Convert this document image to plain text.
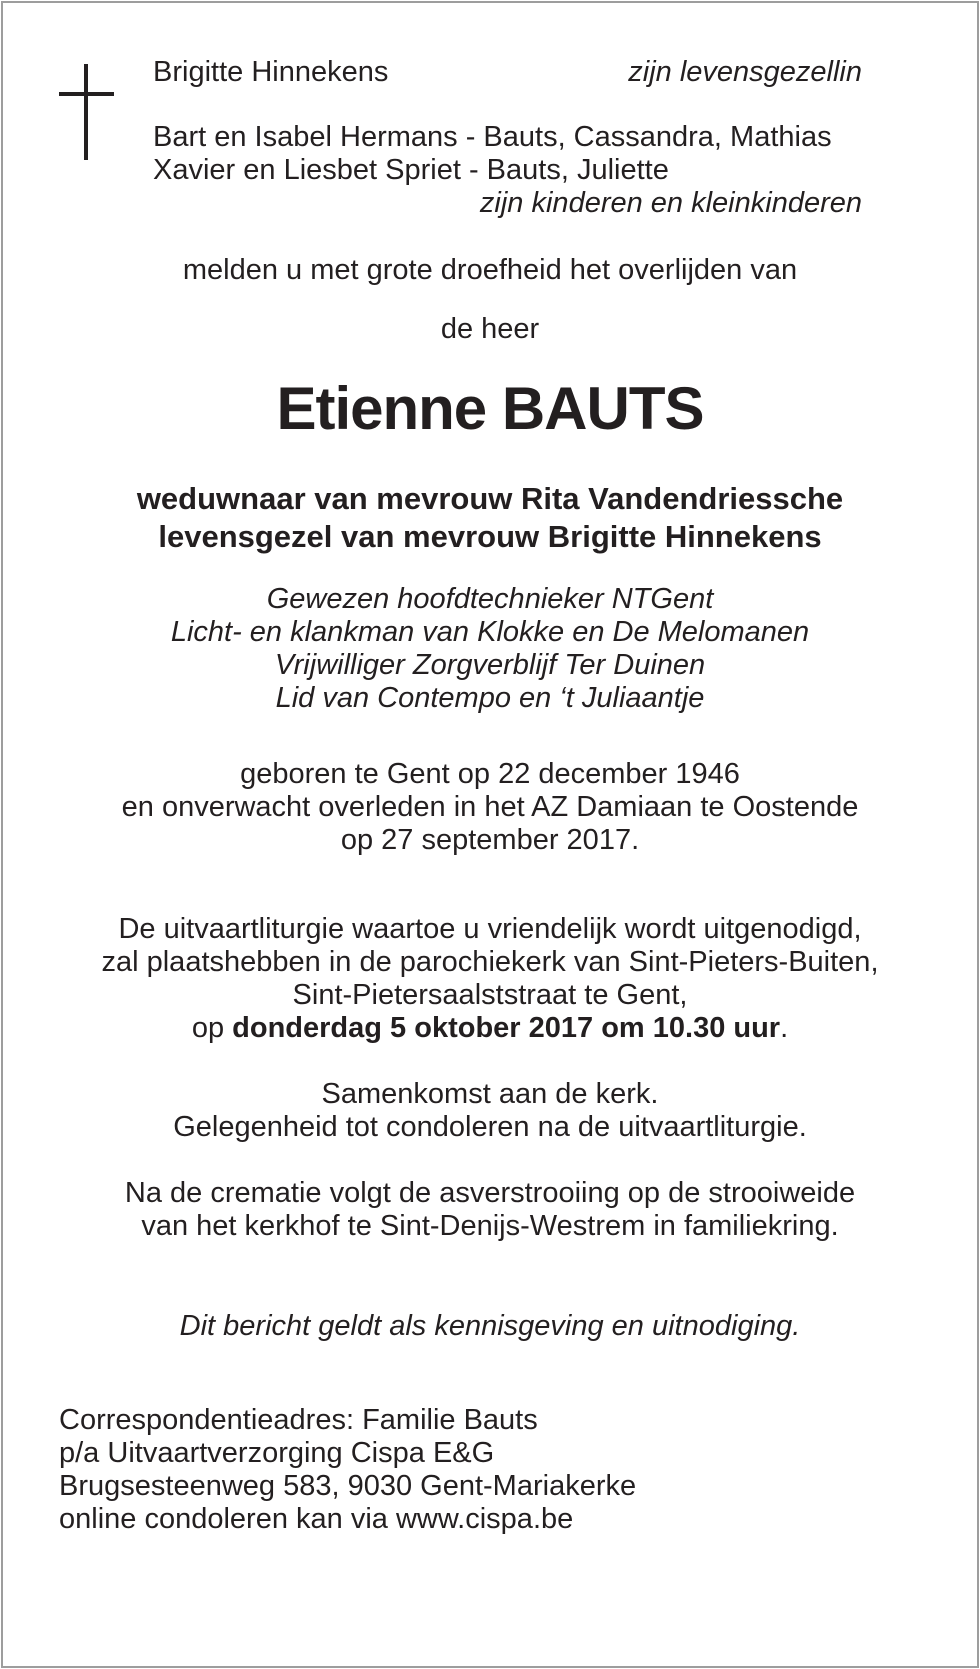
Brigitte Hinnekens	zijn levensgezellin
Bart en Isabel Hermans - Bauts, Cassandra, Mathias
Xavier en Liesbet Spriet - Bauts, Juliette
zijn kinderen en kleinkinderen
melden u met grote droefheid het overlijden van
de heer
Etienne BAUTS
weduwnaar van mevrouw Rita Vandendriessche
levensgezel van mevrouw Brigitte Hinnekens
Gewezen hoofdtechnieker NTGent
Licht- en klankman van Klokke en De Melomanen
Vrijwilliger Zorgverblijf Ter Duinen
Lid van Contempo en ‘t Juliaantje
geboren te Gent op 22 december 1946
en onverwacht overleden in het AZ Damiaan te Oostende
op 27 september 2017.
De uitvaartliturgie waartoe u vriendelijk wordt uitgenodigd,
zal plaatshebben in de parochiekerk van Sint-Pieters-Buiten,
Sint-Pietersaalststraat te Gent,
op donderdag 5 oktober 2017 om 10.30 uur.
Samenkomst aan de kerk.
Gelegenheid tot condoleren na de uitvaartliturgie.
Na de crematie volgt de asverstrooiing op de strooiweide
van het kerkhof te Sint-Denijs-Westrem in familiekring.
Dit bericht geldt als kennisgeving en uitnodiging.
Correspondentieadres: Familie Bauts
p/a Uitvaartverzorging Cispa E&G
Brugsesteenweg 583, 9030 Gent-Mariakerke
online condoleren kan via www.cispa.be
